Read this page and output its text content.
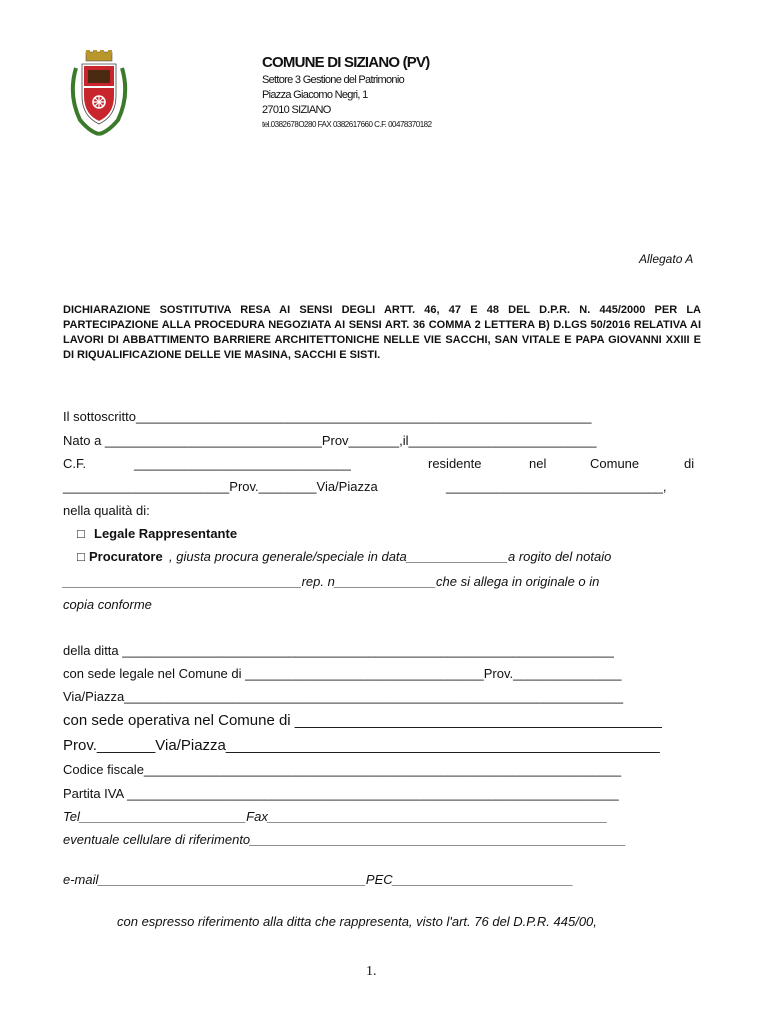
COMUNE DI SIZIANO (PV)
Settore 3 Gestione del Patrimonio
Piazza Giacomo Negri, 1
27010 SIZIANO
tel.0382678O280 FAX 0382617660 C.F. 00478370182
Allegato A
DICHIARAZIONE SOSTITUTIVA RESA AI SENSI DEGLI ARTT. 46, 47 E 48 DEL D.P.R. N. 445/2000 PER LA PARTECIPAZIONE ALLA PROCEDURA NEGOZIATA AI SENSI ART. 36 COMMA 2 LETTERA B) D.LGS 50/2016 RELATIVA AI LAVORI DI ABBATTIMENTO BARRIERE ARCHITETTONICHE NELLE VIE SACCHI, SAN VITALE E PAPA GIOVANNI XXIII E DI RIQUALIFICAZIONE DELLE VIE MASINA, SACCHI E SISTI.
Il sottoscritto_______________________________________________________________
Nato a ______________________________Prov_______,il__________________________
C.F.	______________________________	residente	nel	Comune	di
_______________________Prov.________Via/Piazza	______________________________,
nella qualità di:
□ Legale Rappresentante
□ Procuratore , giusta procura generale/speciale in data______________a rogito del notaio
_________________________________rep. n______________che si allega in originale o in
copia conforme
della ditta ____________________________________________________________________
con sede legale nel Comune di _________________________________Prov._______________
Via/Piazza_____________________________________________________________________
con sede operativa nel Comune di ____________________________________________
Prov._______Via/Piazza____________________________________________________
Codice fiscale__________________________________________________________________
Partita IVA ____________________________________________________________________
Tel_______________________Fax_______________________________________________
eventuale cellulare di riferimento____________________________________________________
e-mail_____________________________________PEC_________________________
con espresso riferimento alla ditta che rappresenta, visto l'art. 76 del D.P.R. 445/00,
1.
